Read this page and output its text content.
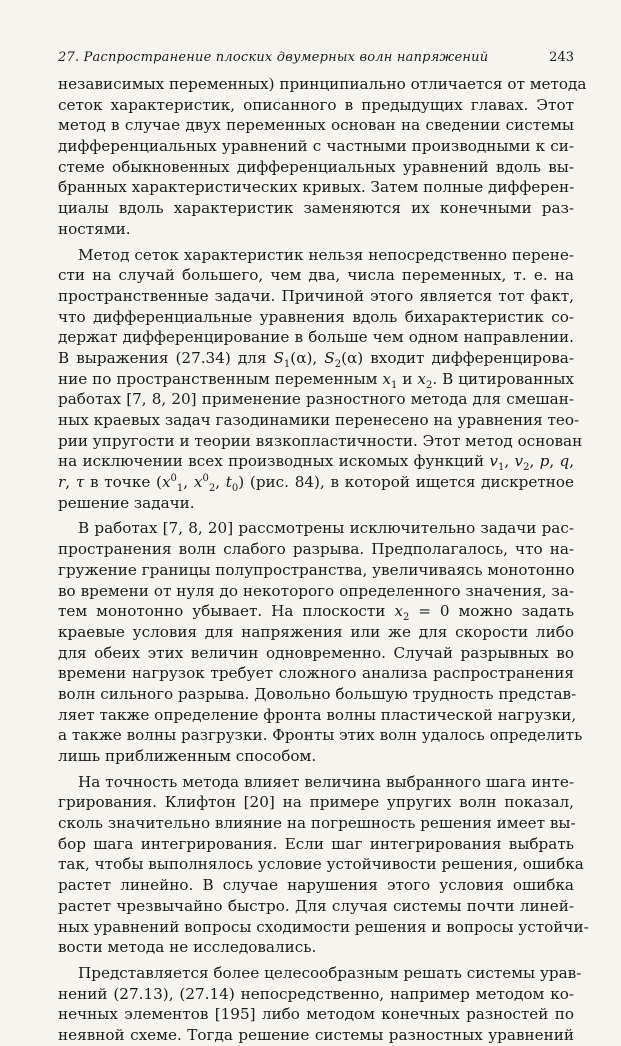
27. Распространение плоских двумерных волн напряжений	243
независимых переменных) принципиально отличается от метода
сеток характеристик, описанного в предыдущих главах. Этот
метод в случае двух переменных основан на сведении системы
дифференциальных уравнений с частными производными к си-
стеме обыкновенных дифференциальных уравнений вдоль вы-
бранных характеристических кривых. Затем полные дифферен-
циалы вдоль характеристик заменяются их конечными раз-
ностями.
Метод сеток характеристик нельзя непосредственно перене-
сти на случай большего, чем два, числа переменных, т. е. на
пространственные задачи. Причиной этого является тот факт,
что дифференциальные уравнения вдоль бихарактеристик со-
держат дифференцирование в больше чем одном направлении.
В выражения (27.34) для $S_1(\alpha)$, $S_2(\alpha)$ входит дифференцирова-
ние по пространственным переменным $x_1$ и $x_2$. В цитированных
работах [7, 8, 20] применение разностного метода для смешан-
ных краевых задач газодинамики перенесено на уравнения тео-
рии упругости и теории вязкопластичности. Этот метод основан
на исключении всех производных искомых функций $v_1$, $v_2$, p, q,
r, τ в точке ($x^0_1$, $x^0_2$, $t_0$) (рис. 84), в которой ищется дискретное
решение задачи.
В работах [7, 8, 20] рассмотрены исключительно задачи рас-
пространения волн слабого разрыва. Предполагалось, что на-
гружение границы полупространства, увеличиваясь монотонно
во времени от нуля до некоторого определенного значения, за-
тем монотонно убывает. На плоскости $x_2 = 0$ можно задать
краевые условия для напряжения или же для скорости либо
для обеих этих величин одновременно. Случай разрывных во
времени нагрузок требует сложного анализа распространения
волн сильного разрыва. Довольно большую трудность представ-
ляет также определение фронта волны пластической нагрузки,
а также волны разгрузки. Фронты этих волн удалось определить
лишь приближенным способом.
На точность метода влияет величина выбранного шага инте-
грирования. Клифтон [20] на примере упругих волн показал,
сколь значительно влияние на погрешность решения имеет вы-
бор шага интегрирования. Если шаг интегрирования выбрать
так, чтобы выполнялось условие устойчивости решения, ошибка
растет линейно. В случае нарушения этого условия ошибка
растет чрезвычайно быстро. Для случая системы почти линей-
ных уравнений вопросы сходимости решения и вопросы устойчи-
вости метода не исследовались.
Представляется более целесообразным решать системы урав-
нений (27.13), (27.14) непосредственно, например методом ко-
нечных элементов [195] либо методом конечных разностей по
неявной схеме. Тогда решение системы разностных уравнений
